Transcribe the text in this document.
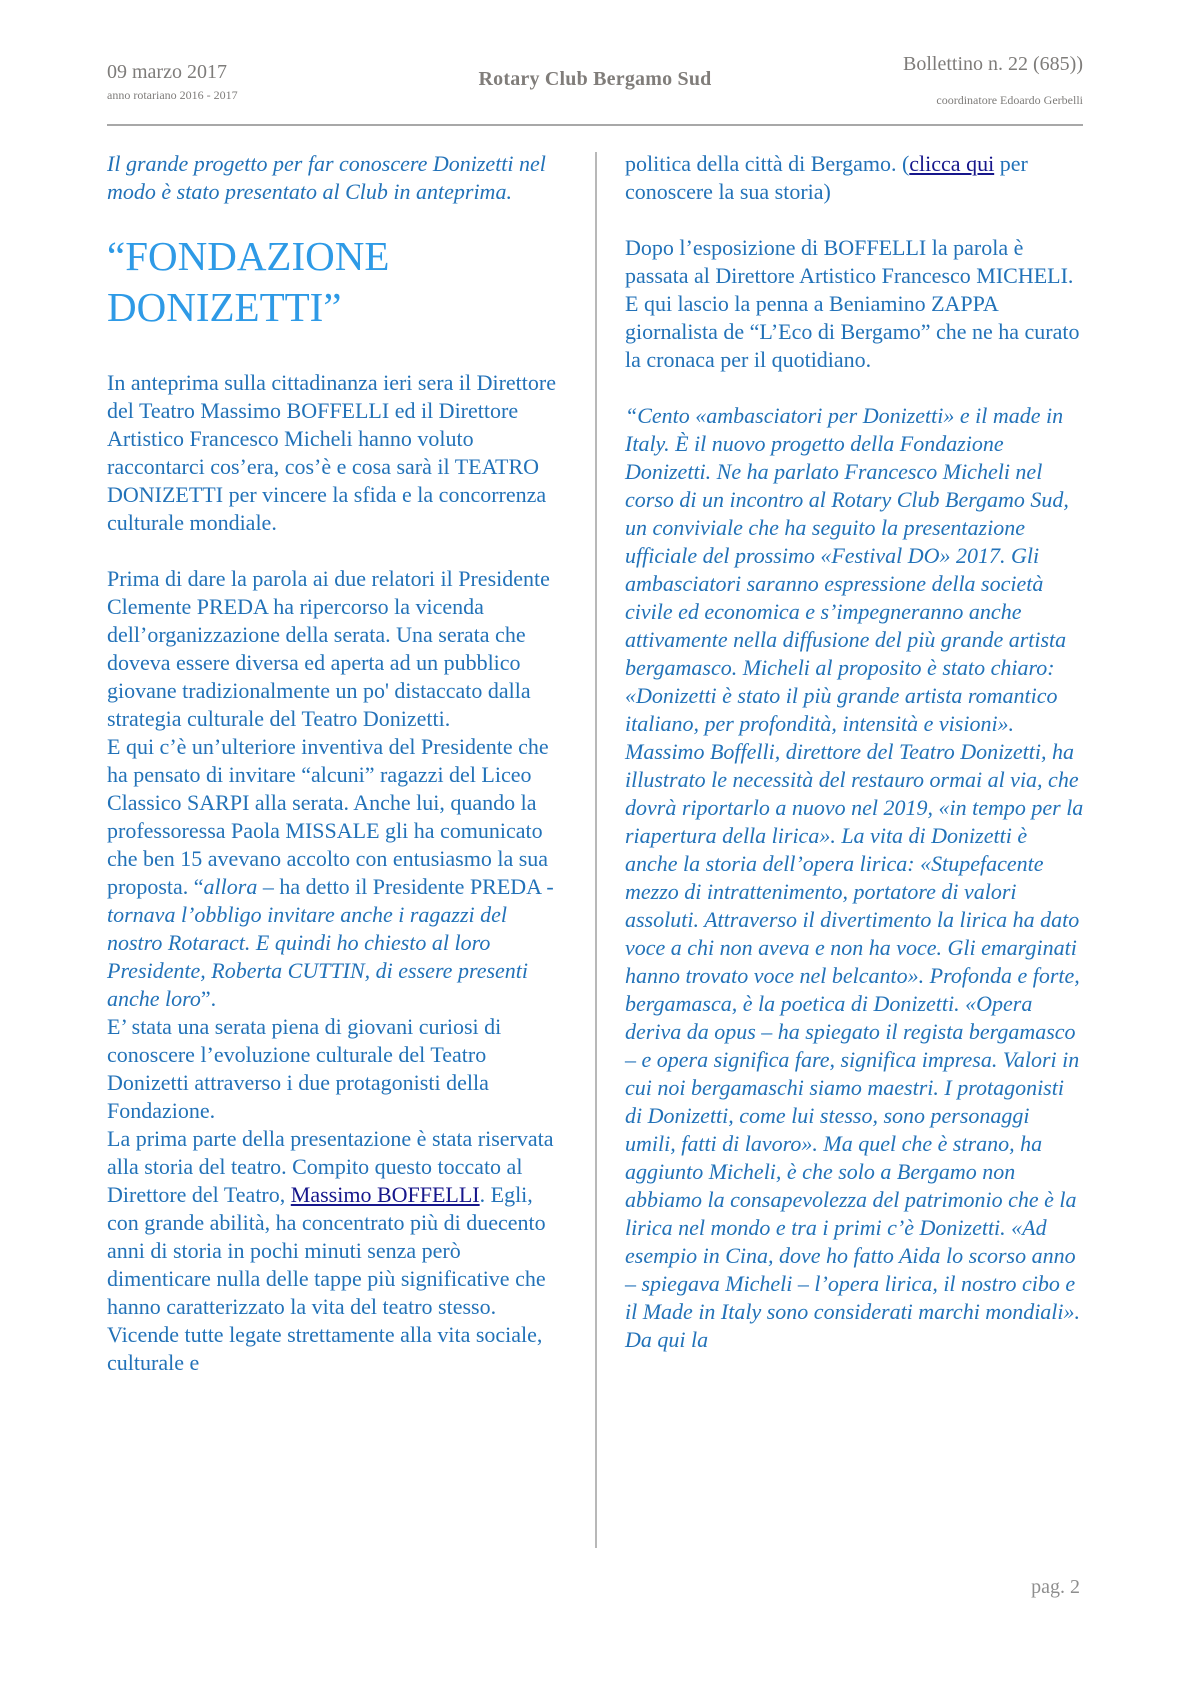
09 marzo 2017
anno rotariano 2016 - 2017
Rotary Club Bergamo Sud
Bollettino n. 22 (685))
coordinatore Edoardo Gerbelli
Il grande progetto per far conoscere Donizetti nel modo è stato presentato al Club in anteprima.
“FONDAZIONE DONIZETTI”

In anteprima sulla cittadinanza ieri sera il Direttore del Teatro Massimo BOFFELLI ed il Direttore Artistico Francesco Micheli hanno voluto raccontarci cos’era, cos’è e cosa sarà il TEATRO DONIZETTI per vincere la sfida e la concorrenza culturale mondiale.

Prima di dare la parola ai due relatori il Presidente Clemente PREDA ha ripercorso la vicenda dell’organizzazione della serata. Una serata che doveva essere diversa ed aperta ad un pubblico giovane tradizionalmente un po' distaccato dalla strategia culturale del Teatro Donizetti.

E qui c’è un’ulteriore inventiva del Presidente che ha pensato di invitare “alcuni” ragazzi del Liceo Classico SARPI alla serata. Anche lui, quando la professoressa Paola MISSALE gli ha comunicato che ben 15 avevano accolto con entusiasmo la sua proposta. “allora – ha detto il Presidente PREDA - tornava l’obbligo invitare anche i ragazzi del nostro Rotaract. E quindi ho chiesto al loro Presidente, Roberta CUTTIN, di essere presenti anche loro”.

E’ stata una serata piena di giovani curiosi di conoscere l’evoluzione culturale del Teatro Donizetti attraverso i due protagonisti della Fondazione.

La prima parte della presentazione è stata riservata alla storia del teatro. Compito questo toccato al Direttore del Teatro, Massimo BOFFELLI. Egli, con grande abilità, ha concentrato più di duecento anni di storia in pochi minuti senza però dimenticare nulla delle tappe più significative che hanno caratterizzato la vita del teatro stesso. Vicende tutte legate strettamente alla vita sociale, culturale e

politica della città di Bergamo. (clicca qui per conoscere la sua storia)

Dopo l’esposizione di BOFFELLI la parola è passata al Direttore Artistico Francesco MICHELI. E qui lascio la penna a Beniamino ZAPPA giornalista de “L’Eco di Bergamo” che ne ha curato la cronaca per il quotidiano.

“Cento «ambasciatori per Donizetti» e il made in Italy. È il nuovo progetto della Fondazione Donizetti. Ne ha parlato Francesco Micheli nel corso di un incontro al Rotary Club Bergamo Sud, un conviviale che ha seguito la presentazione ufficiale del prossimo «Festival DO» 2017. Gli ambasciatori saranno espressione della società civile ed economica e s’impegneranno anche attivamente nella diffusione del più grande artista bergamasco. Micheli al proposito è stato chiaro: «Donizetti è stato il più grande artista romantico italiano, per profondità, intensità e visioni». Massimo Boffelli, direttore del Teatro Donizetti, ha illustrato le necessità del restauro ormai al via, che dovrà riportarlo a nuovo nel 2019, «in tempo per la riapertura della lirica». La vita di Donizetti è anche la storia dell’opera lirica: «Stupefacente mezzo di intrattenimento, portatore di valori assoluti. Attraverso il divertimento la lirica ha dato voce a chi non aveva e non ha voce. Gli emarginati hanno trovato voce nel belcanto». Profonda e forte, bergamasca, è la poetica di Donizetti. «Opera deriva da opus – ha spiegato il regista bergamasco – e opera significa fare, significa impresa. Valori in cui noi bergamaschi siamo maestri. I protagonisti di Donizetti, come lui stesso, sono personaggi umili, fatti di lavoro». Ma quel che è strano, ha aggiunto Micheli, è che solo a Bergamo non abbiamo la consapevolezza del patrimonio che è la lirica nel mondo e tra i primi c’è Donizetti. «Ad esempio in Cina, dove ho fatto Aida lo scorso anno – spiegava Micheli – l’opera lirica, il nostro cibo e il Made in Italy sono considerati marchi mondiali». Da qui la

pag. 2
